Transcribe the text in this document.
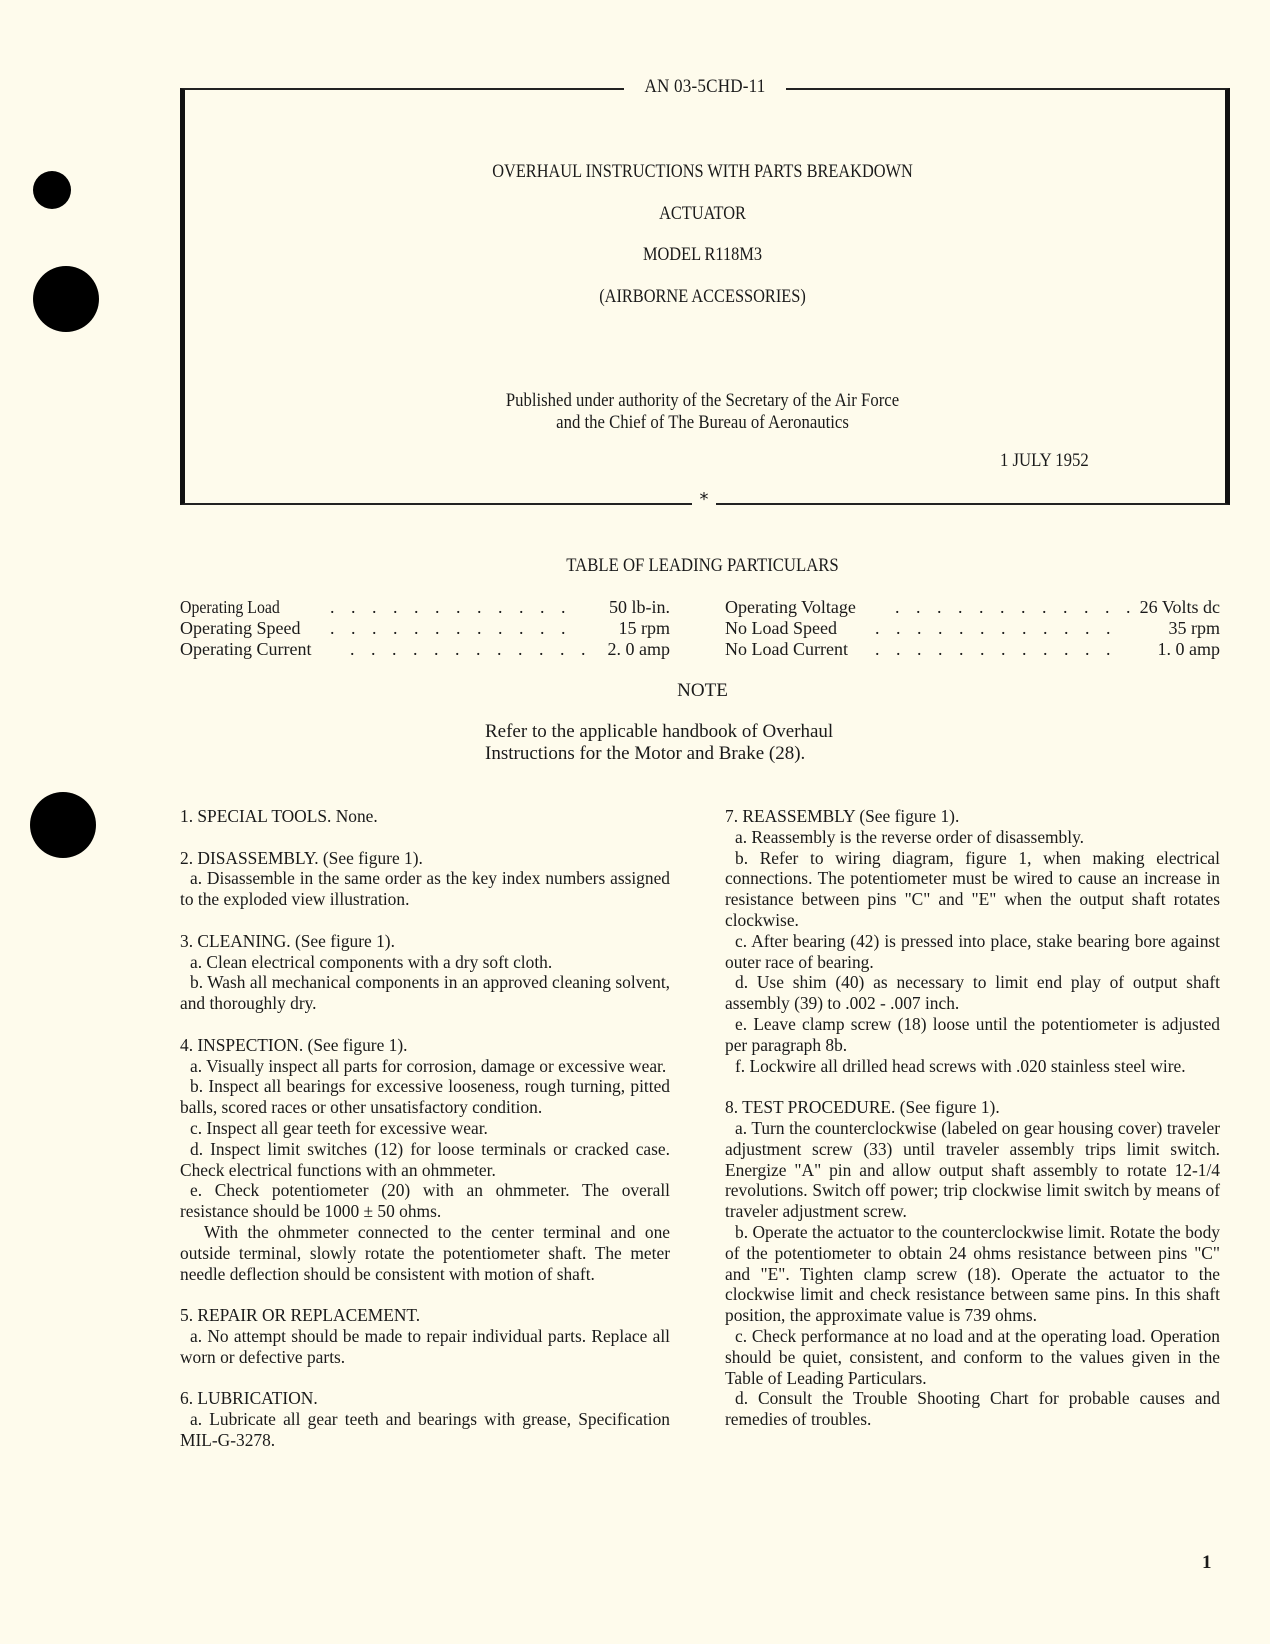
AN 03-5CHD-11
OVERHAUL INSTRUCTIONS WITH PARTS BREAKDOWN
ACTUATOR
MODEL R118M3
(AIRBORNE ACCESSORIES)
Published under authority of the Secretary of the Air Force
and the Chief of The Bureau of Aeronautics
1 JULY 1952
*
TABLE OF LEADING PARTICULARS
Operating Load	. . . . . . . . . . . . 50 lb-in.
Operating Speed . . . . . . . . . . . .	15 rpm
Operating Current . . . . . . . . . . . . 2. 0 amp
Operating Voltage . . . . . . . . . . . . 26 Volts dc
No Load Speed . . . . . . . . . . . .	35 rpm
No Load Current . . . . . . . . . . . . 1. 0 amp
NOTE
Refer to the applicable handbook of Overhaul
Instructions for the Motor and Brake (28).

1. SPECIAL TOOLS. None.

2. DISASSEMBLY. (See figure 1).

a. Disassemble in the same order as the key index numbers assigned to the exploded view illustration.

3. CLEANING. (See figure 1).

a. Clean electrical components with a dry soft cloth.

b. Wash all mechanical components in an approved cleaning solvent, and thoroughly dry.

4. INSPECTION. (See figure 1).

a. Visually inspect all parts for corrosion, damage or excessive wear.

b. Inspect all bearings for excessive looseness, rough turning, pitted balls, scored races or other unsatisfactory condition.

c. Inspect all gear teeth for excessive wear.

d. Inspect limit switches (12) for loose terminals or cracked case. Check electrical functions with an ohmmeter.

e. Check potentiometer (20) with an ohmmeter. The overall resistance should be 1000 ± 50 ohms.

With the ohmmeter connected to the center terminal and one outside terminal, slowly rotate the potentiometer shaft. The meter needle deflection should be consistent with motion of shaft.

5. REPAIR OR REPLACEMENT.

a. No attempt should be made to repair individual parts. Replace all worn or defective parts.

6. LUBRICATION.

a. Lubricate all gear teeth and bearings with grease, Specification MIL-G-3278.

7. REASSEMBLY (See figure 1).

a. Reassembly is the reverse order of disassembly.

b. Refer to wiring diagram, figure 1, when making electrical connections. The potentiometer must be wired to cause an increase in resistance between pins "C" and "E" when the output shaft rotates clockwise.

c. After bearing (42) is pressed into place, stake bearing bore against outer race of bearing.

d. Use shim (40) as necessary to limit end play of output shaft assembly (39) to .002 - .007 inch.

e. Leave clamp screw (18) loose until the potentiometer is adjusted per paragraph 8b.

f. Lockwire all drilled head screws with .020 stainless steel wire.

8. TEST PROCEDURE. (See figure 1).

a. Turn the counterclockwise (labeled on gear housing cover) traveler adjustment screw (33) until traveler assembly trips limit switch. Energize "A" pin and allow output shaft assembly to rotate 12-1/4 revolutions. Switch off power; trip clockwise limit switch by means of traveler adjustment screw.

b. Operate the actuator to the counterclockwise limit. Rotate the body of the potentiometer to obtain 24 ohms resistance between pins "C" and "E". Tighten clamp screw (18). Operate the actuator to the clockwise limit and check resistance between same pins. In this shaft position, the approximate value is 739 ohms.

c. Check performance at no load and at the operating load. Operation should be quiet, consistent, and conform to the values given in the Table of Leading Particulars.

d. Consult the Trouble Shooting Chart for probable causes and remedies of troubles.

1
